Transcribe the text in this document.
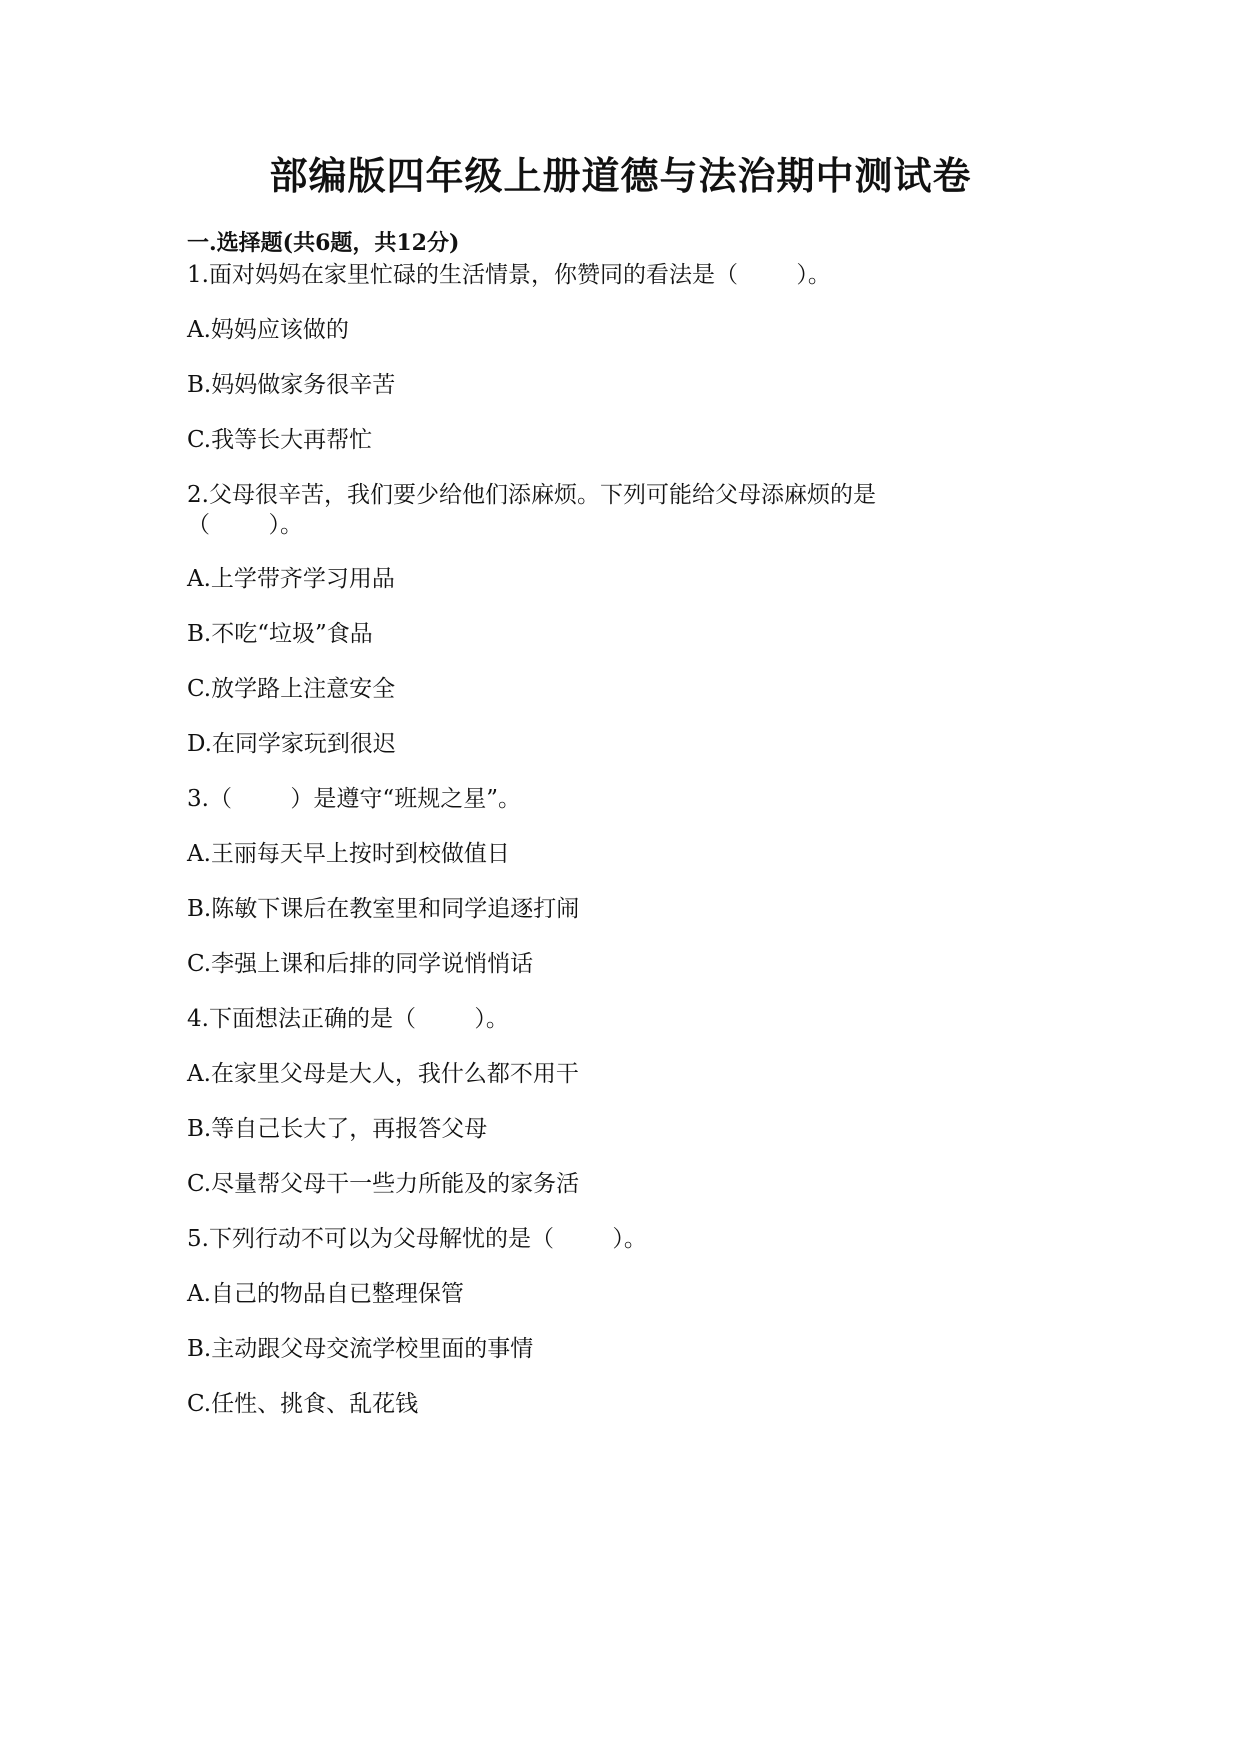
部编版四年级上册道德与法治期中测试卷
一.选择题(共6题，共12分)
1.面对妈妈在家里忙碌的生活情景，你赞同的看法是（        ）。
A.妈妈应该做的
B.妈妈做家务很辛苦
C.我等长大再帮忙
2.父母很辛苦，我们要少给他们添麻烦。下列可能给父母添麻烦的是
（        ）。
A.上学带齐学习用品
B.不吃“垃圾”食品
C.放学路上注意安全
D.在同学家玩到很迟
3.（        ）是遵守“班规之星”。
A.王丽每天早上按时到校做值日
B.陈敏下课后在教室里和同学追逐打闹
C.李强上课和后排的同学说悄悄话
4.下面想法正确的是（        ）。
A.在家里父母是大人，我什么都不用干
B.等自己长大了，再报答父母
C.尽量帮父母干一些力所能及的家务活
5.下列行动不可以为父母解忧的是（        ）。
A.自己的物品自已整理保管
B.主动跟父母交流学校里面的事情
C.任性、挑食、乱花钱
